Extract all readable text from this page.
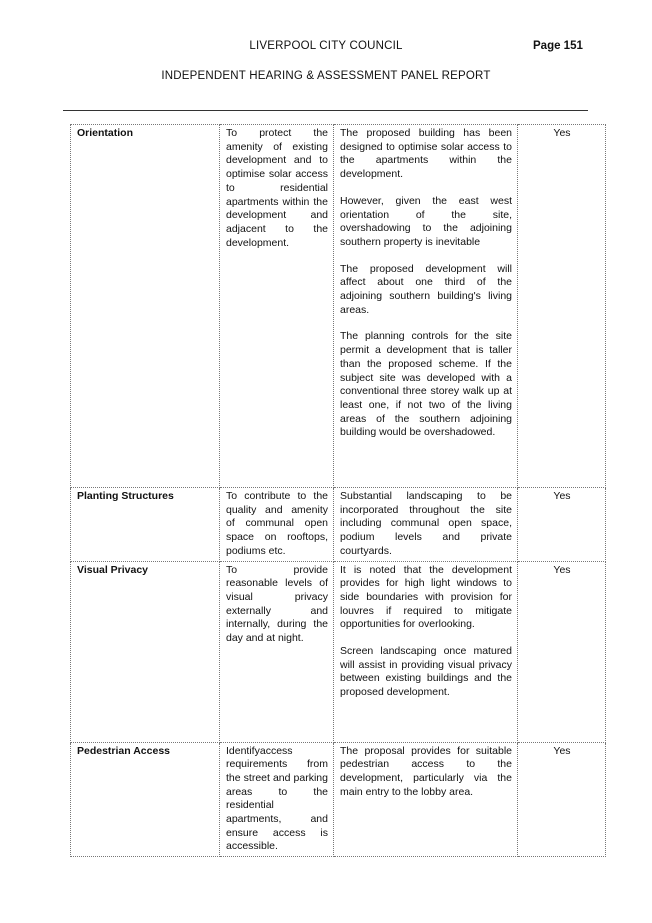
LIVERPOOL CITY COUNCIL	Page 151
INDEPENDENT HEARING & ASSESSMENT PANEL REPORT
Orientation	To protect the amenity of existing development and to optimise solar access to residential apartments within the development and adjacent to the development.	The proposed building has been designed to optimise solar access to the apartments within the development.

However, given the east west orientation of the site, overshadowing to the adjoining southern property is inevitable

The proposed development will affect about one third of the adjoining southern building's living areas.

The planning controls for the site permit a development that is taller than the proposed scheme. If the subject site was developed with a conventional three storey walk up at least one, if not two of the living areas of the southern adjoining building would be overshadowed.	Yes
Planting Structures	To contribute to the quality and amenity of communal open space on rooftops, podiums etc.	Substantial landscaping to be incorporated throughout the site including communal open space, podium levels and private courtyards.	Yes
Visual Privacy	To provide reasonable levels of visual privacy externally and internally, during the day and at night.	It is noted that the development provides for high light windows to side boundaries with provision for louvres if required to mitigate opportunities for overlooking.

Screen landscaping once matured will assist in providing visual privacy between existing buildings and the proposed development.	Yes
Pedestrian Access	Identifyaccess requirements from the street and parking areas to the residential apartments, and ensure access is accessible.	The proposal provides for suitable pedestrian access to the development, particularly via the main entry to the lobby area.	Yes
